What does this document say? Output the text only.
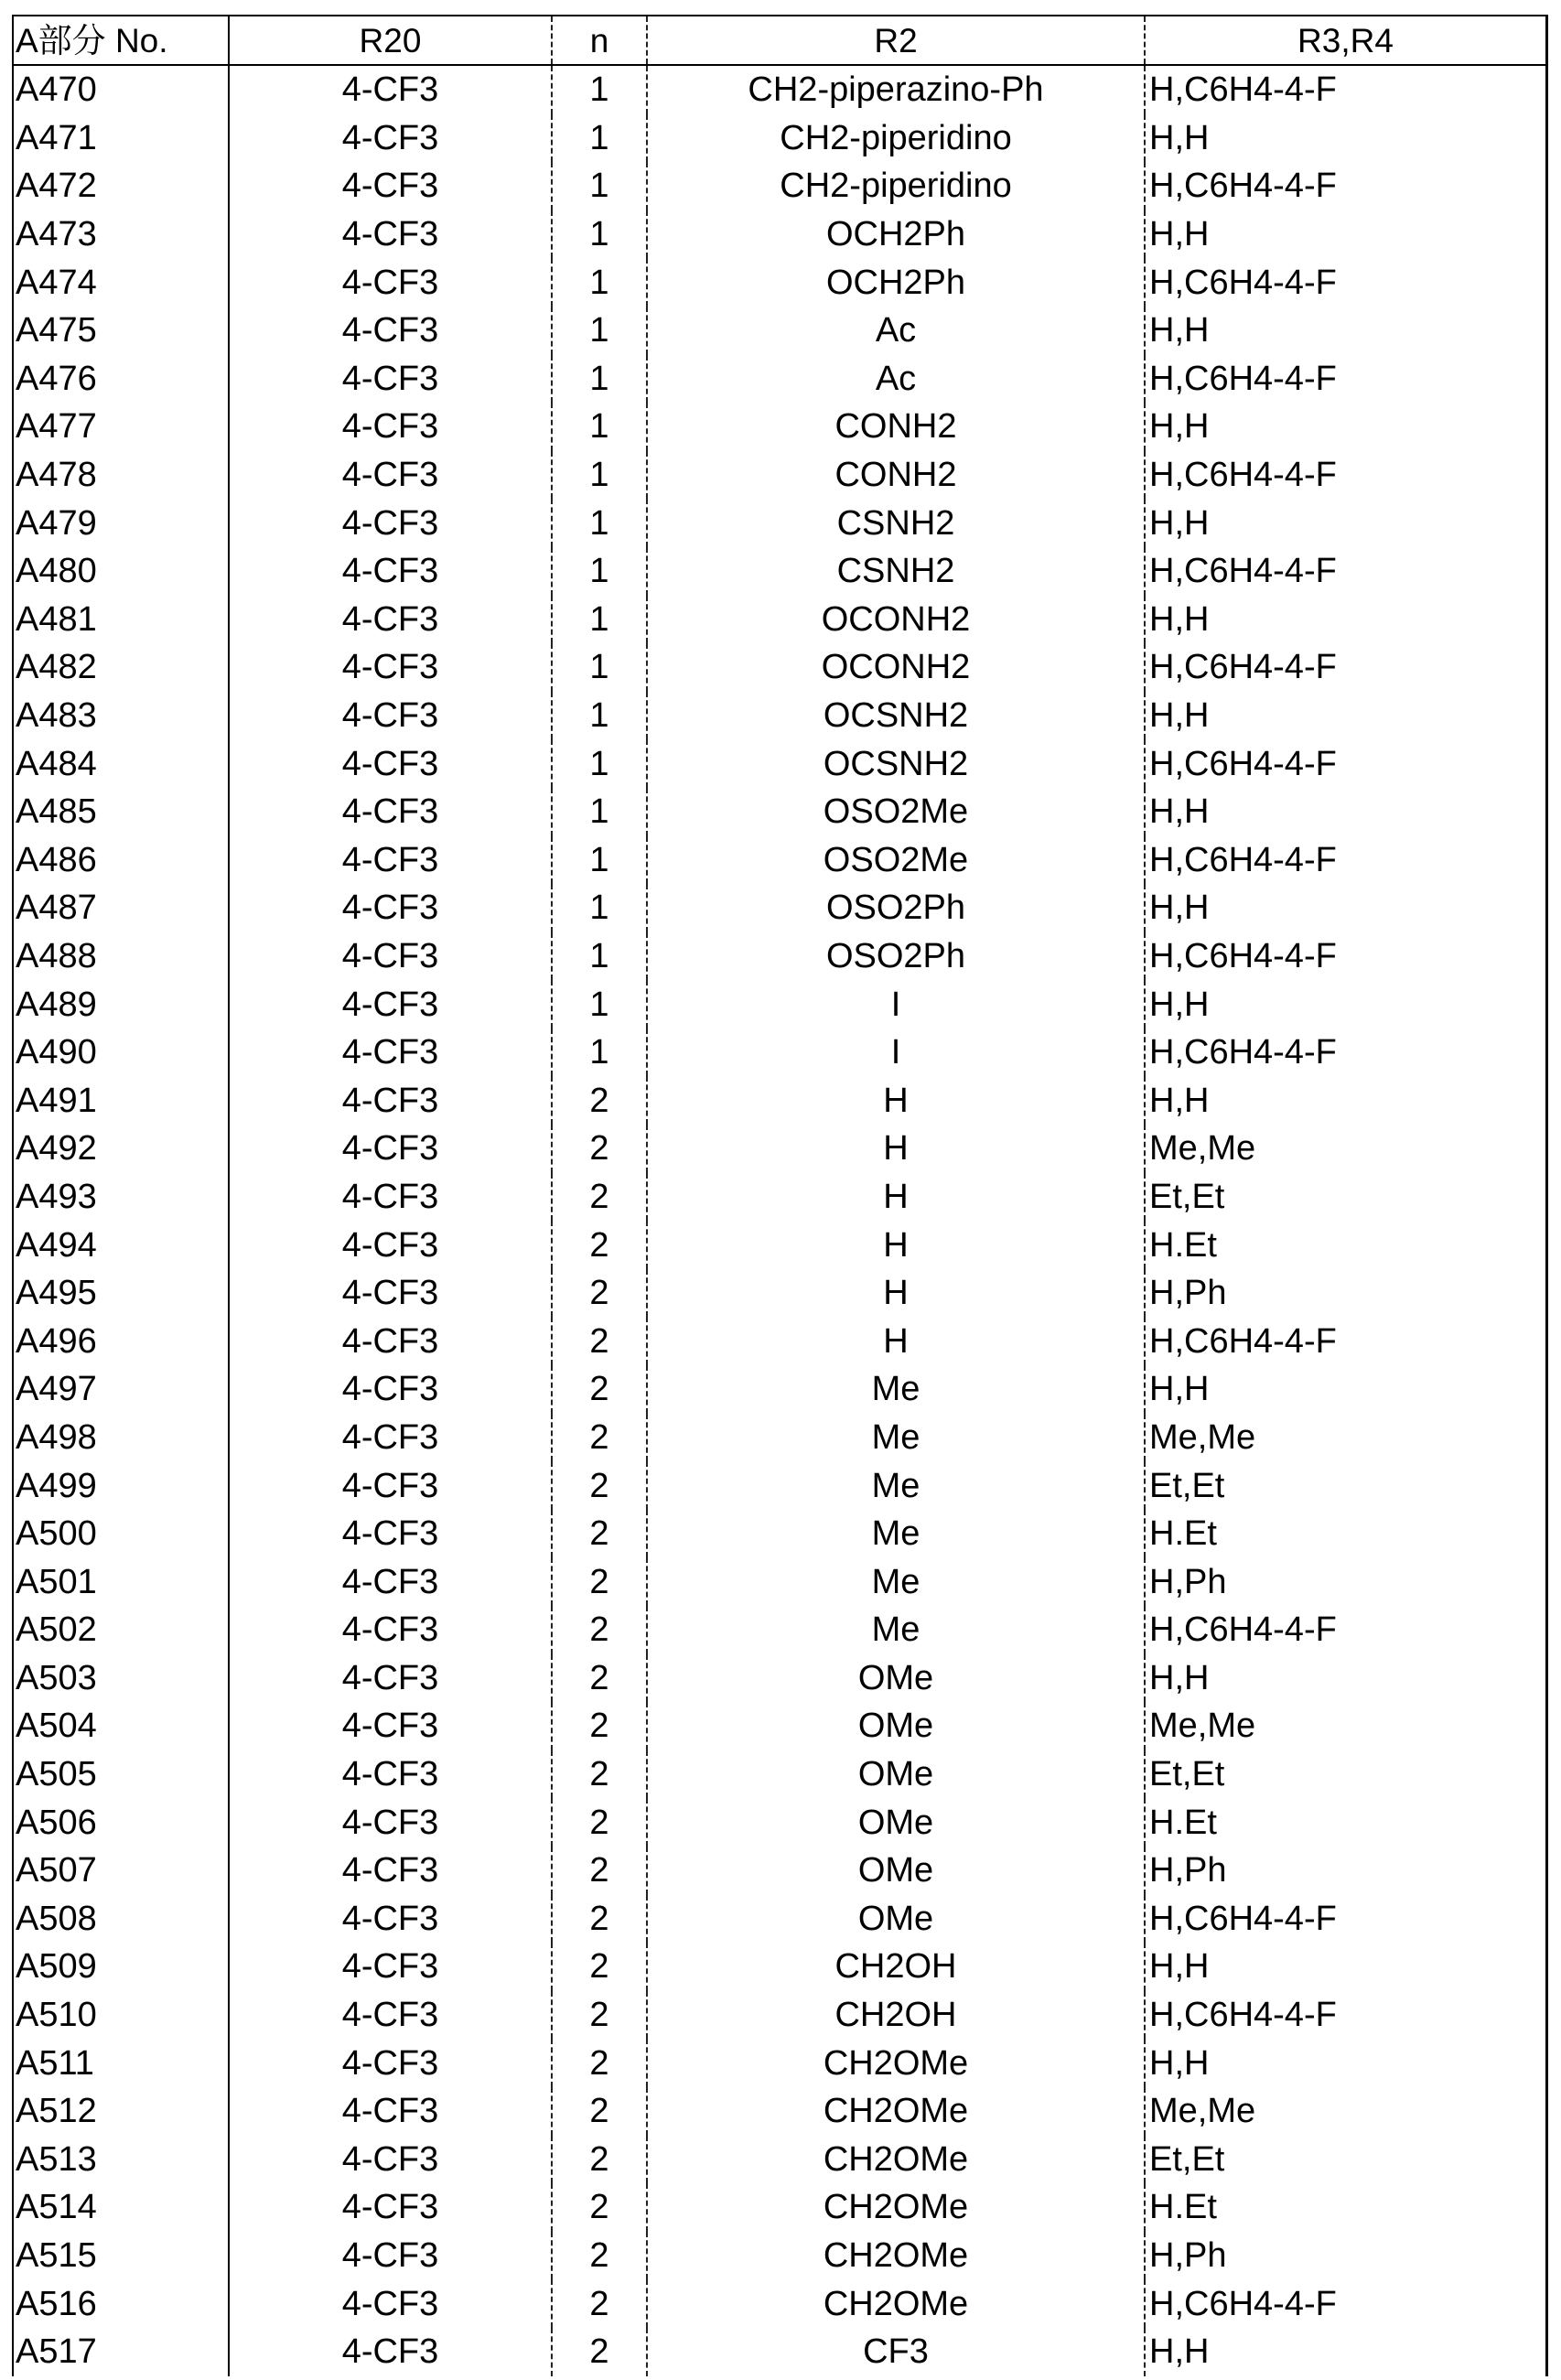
A部分 No.	R20	n	R2	R3,R4
A470	4-CF3	1	CH2-piperazino-Ph	H,C6H4-4-F
A471	4-CF3	1	CH2-piperidino	H,H
A472	4-CF3	1	CH2-piperidino	H,C6H4-4-F
A473	4-CF3	1	OCH2Ph	H,H
A474	4-CF3	1	OCH2Ph	H,C6H4-4-F
A475	4-CF3	1	Ac	H,H
A476	4-CF3	1	Ac	H,C6H4-4-F
A477	4-CF3	1	CONH2	H,H
A478	4-CF3	1	CONH2	H,C6H4-4-F
A479	4-CF3	1	CSNH2	H,H
A480	4-CF3	1	CSNH2	H,C6H4-4-F
A481	4-CF3	1	OCONH2	H,H
A482	4-CF3	1	OCONH2	H,C6H4-4-F
A483	4-CF3	1	OCSNH2	H,H
A484	4-CF3	1	OCSNH2	H,C6H4-4-F
A485	4-CF3	1	OSO2Me	H,H
A486	4-CF3	1	OSO2Me	H,C6H4-4-F
A487	4-CF3	1	OSO2Ph	H,H
A488	4-CF3	1	OSO2Ph	H,C6H4-4-F
A489	4-CF3	1	I	H,H
A490	4-CF3	1	I	H,C6H4-4-F
A491	4-CF3	2	H	H,H
A492	4-CF3	2	H	Me,Me
A493	4-CF3	2	H	Et,Et
A494	4-CF3	2	H	H.Et
A495	4-CF3	2	H	H,Ph
A496	4-CF3	2	H	H,C6H4-4-F
A497	4-CF3	2	Me	H,H
A498	4-CF3	2	Me	Me,Me
A499	4-CF3	2	Me	Et,Et
A500	4-CF3	2	Me	H.Et
A501	4-CF3	2	Me	H,Ph
A502	4-CF3	2	Me	H,C6H4-4-F
A503	4-CF3	2	OMe	H,H
A504	4-CF3	2	OMe	Me,Me
A505	4-CF3	2	OMe	Et,Et
A506	4-CF3	2	OMe	H.Et
A507	4-CF3	2	OMe	H,Ph
A508	4-CF3	2	OMe	H,C6H4-4-F
A509	4-CF3	2	CH2OH	H,H
A510	4-CF3	2	CH2OH	H,C6H4-4-F
A511	4-CF3	2	CH2OMe	H,H
A512	4-CF3	2	CH2OMe	Me,Me
A513	4-CF3	2	CH2OMe	Et,Et
A514	4-CF3	2	CH2OMe	H.Et
A515	4-CF3	2	CH2OMe	H,Ph
A516	4-CF3	2	CH2OMe	H,C6H4-4-F
A517	4-CF3	2	CF3	H,H
